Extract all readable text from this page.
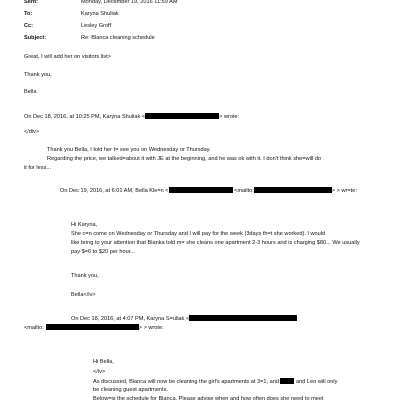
Sent:	Monday, December 19, 2016 11:59 AM
To:	Karyna Shuliak
Cc:	Lesley Groff
Subject:	Re: Blanca cleaning schedule
Great, I will add her on visitors list>
Thank you,
Bella
On Dec 18, 2016, at 10:25 PM, Karyna Shuliak <	> wrote:
</div>
Thank you Bella, I told her t= see you on Wednesday or Thursday.
Regarding the price, we talked=about it with JE at the beginning, and he was ok with it. I don't think she=will do
it for less...
On Dec 19, 2016, at 6:01 AM, Bella Kle=n <	<mailto:	> > wr=te:
Hi Karyna,
She c=n come on Wednesday or Thursday and I will pay for the week (3days th=t she worked). I would
like bring to your attention that Blanka told m= she cleans one apartment 2-3 hours and is charging $80... We usually
pay $=6 to $20 per hour...
Thank you,
Bella</iv>
On Dec 18, 2016, at 4:07 PM, Karyna S=uliak <
<mailto:	> > wrote:
Hi Bella,
</iv>
As discussed, Blanca will now be cleaning the girl's apartments at 3=1, and	and Leo will only
be cleaning guest apartments.
Below=is the schedule for Blanca. Please advise when and how often does she need to meet
